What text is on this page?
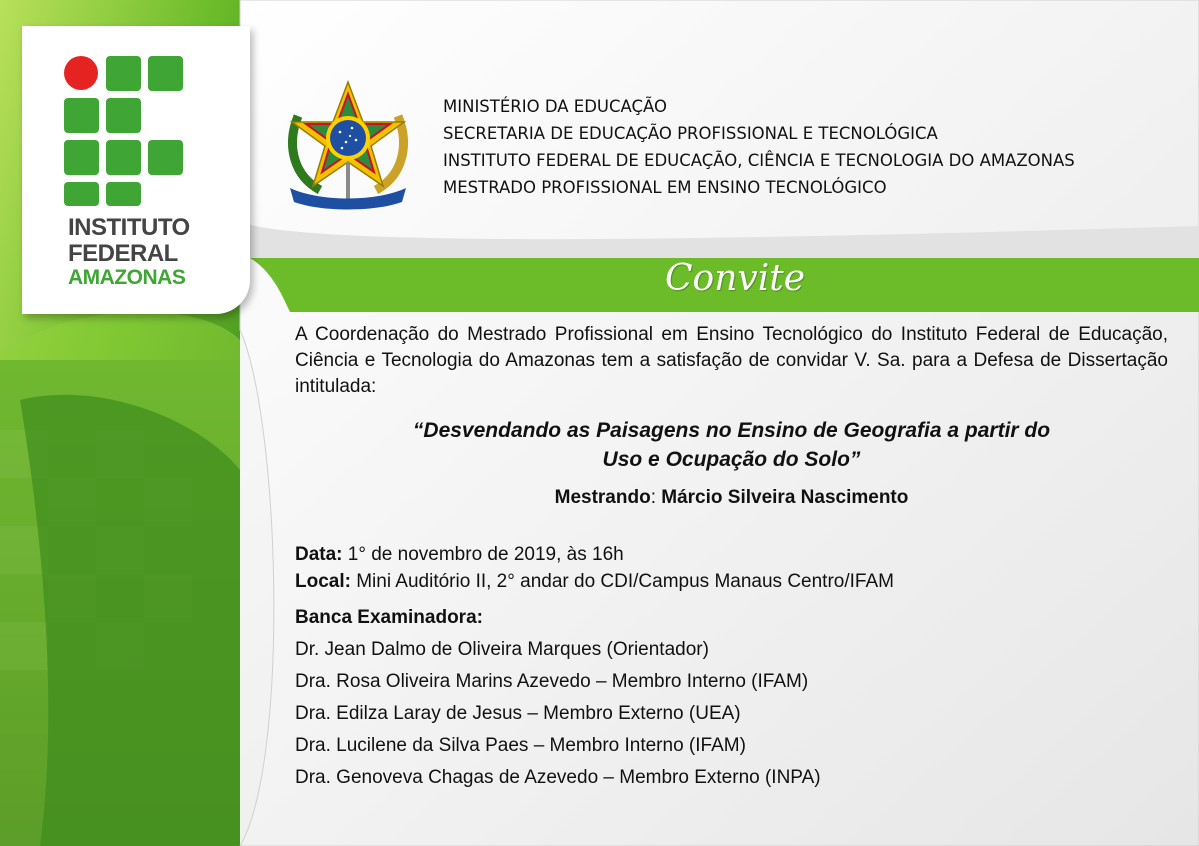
INSTITUTO

FEDERAL

AMAZONAS

MINISTÉRIO DA EDUCAÇÃO
SECRETARIA DE EDUCAÇÃO PROFISSIONAL E TECNOLÓGICA
INSTITUTO FEDERAL DE EDUCAÇÃO, CIÊNCIA E TECNOLOGIA DO AMAZONAS
MESTRADO PROFISSIONAL EM ENSINO TECNOLÓGICO

Convite

A Coordenação do Mestrado Profissional em Ensino Tecnológico do Instituto Federal de Educação, Ciência e Tecnologia do Amazonas tem a satisfação de convidar V. Sa. para a Defesa de Dissertação intitulada:

“Desvendando as Paisagens no Ensino de Geografia a partir do
Uso e Ocupação do Solo”

Mestrando: Márcio Silveira Nascimento

Data: 1° de novembro de 2019, às 16h
Local: Mini Auditório II, 2° andar do CDI/Campus Manaus Centro/IFAM

Banca Examinadora:

Dr. Jean Dalmo de Oliveira Marques (Orientador)
Dra. Rosa Oliveira Marins Azevedo – Membro Interno (IFAM)
Dra. Edilza Laray de Jesus – Membro Externo (UEA)
Dra. Lucilene da Silva Paes – Membro Interno (IFAM)
Dra. Genoveva Chagas de Azevedo – Membro Externo (INPA)
